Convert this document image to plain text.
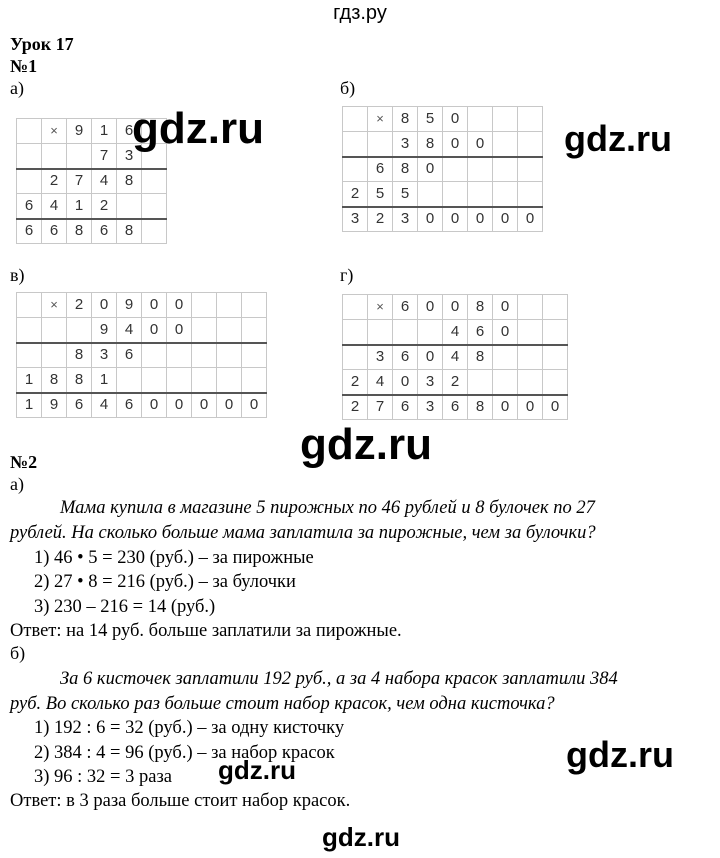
гдз.ру
Урок 17
№1
а)	б)
в)	г)
	×	9	1	6	
			7	3	
	2	7	4	8	
6	4	1	2		
6	6	8	6	8	
	×	8	5	0			
		3	8	0	0		
	6	8	0				
2	5	5					
3	2	3	0	0	0	0	0
	×	2	0	9	0	0			
			9	4	0	0			
		8	3	6					
1	8	8	1						
1	9	6	4	6	0	0	0	0	0
	×	6	0	0	8	0		
				4	6	0		
	3	6	0	4	8			
2	4	0	3	2				
2	7	6	3	6	8	0	0	0
№2
а)
Мама купила в магазине 5 пирожных по 46 рублей и 8 булочек по 27
рублей. На сколько больше мама заплатила за пирожные, чем за булочки?
1) 46 • 5 = 230 (руб.) – за пирожные
2) 27 • 8 = 216 (руб.) – за булочки
3) 230 – 216 = 14 (руб.)
Ответ: на 14 руб. больше заплатили за пирожные.
б)
За 6 кисточек заплатили 192 руб., а за 4 набора красок заплатили 384
руб. Во сколько раз больше стоит набор красок, чем одна кисточка?
1) 192 : 6 = 32 (руб.) – за одну кисточку
2) 384 : 4 = 96 (руб.) – за набор красок
3) 96 : 32 = 3 раза
Ответ: в 3 раза больше стоит набор красок.
gdz.ru	gdz.ru
gdz.ru
gdz.ru
gdz.ru
gdz.ru
